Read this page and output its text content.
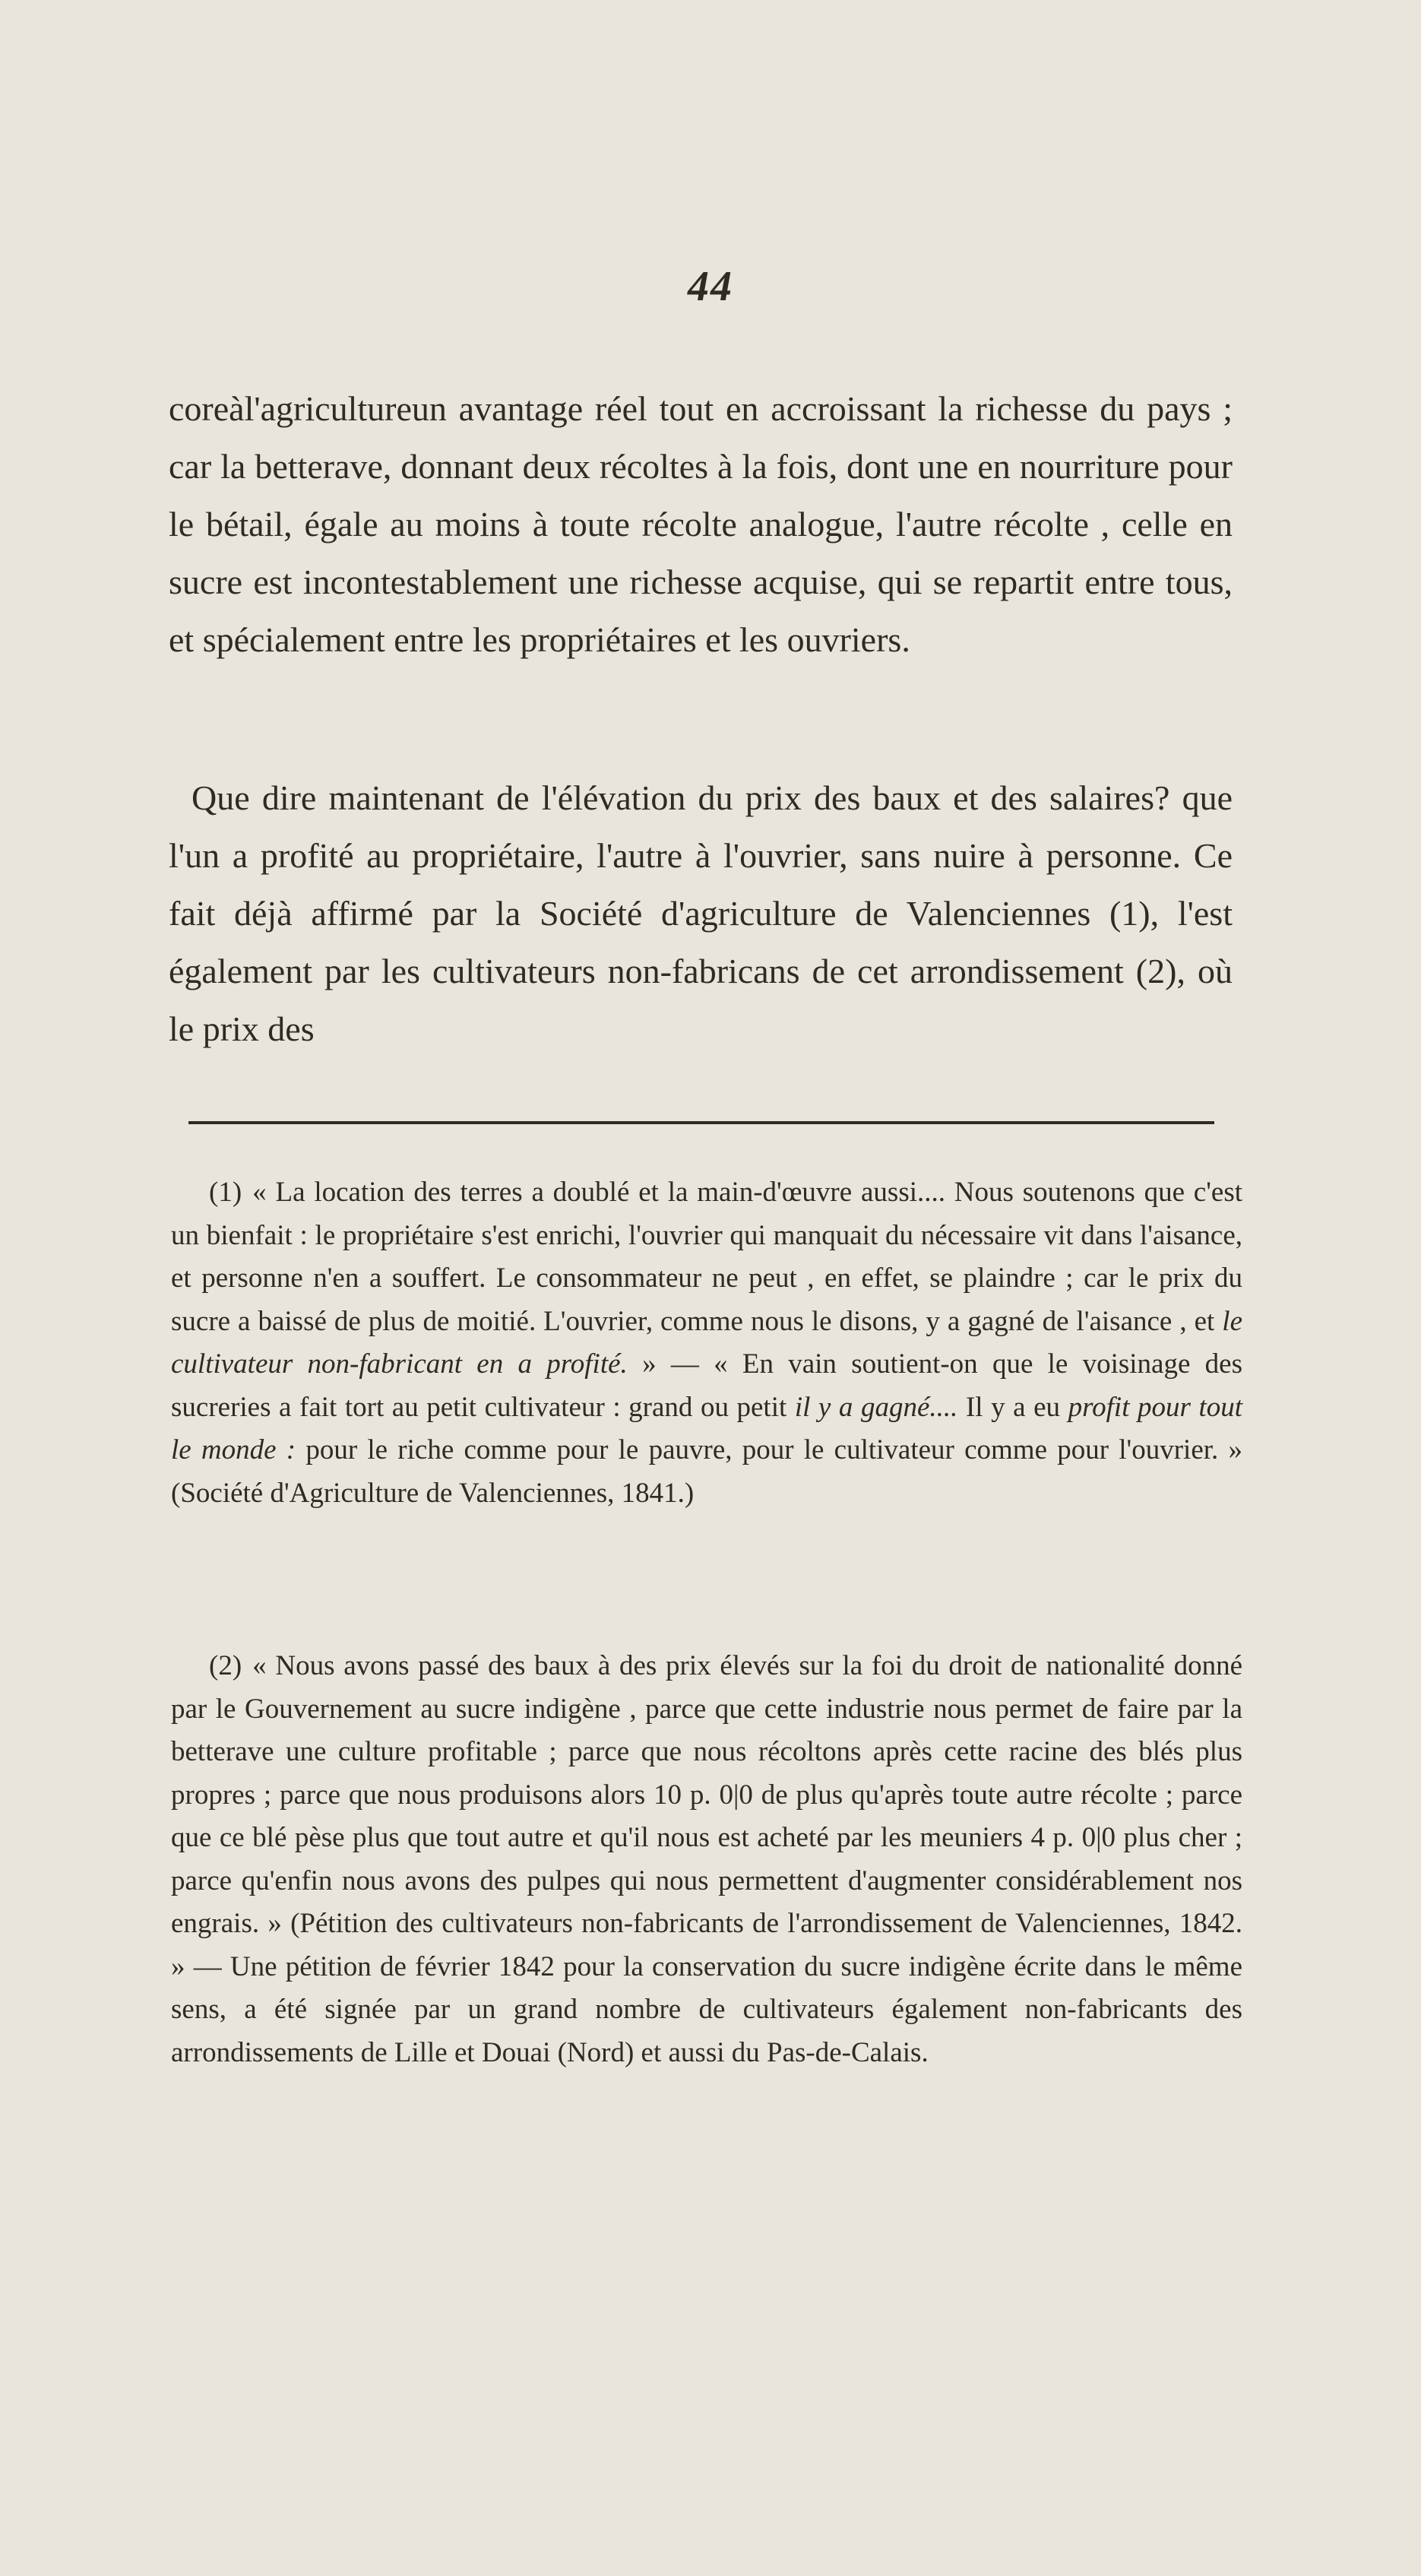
44

coreàl'agricultureun avantage réel tout en accroissant la richesse du pays ; car la betterave, donnant deux récoltes à la fois, dont une en nourriture pour le bétail, égale au moins à toute récolte analogue, l'autre récolte , celle en sucre est incontestablement une richesse acquise, qui se repartit entre tous, et spécialement entre les propriétaires et les ouvriers.

Que dire maintenant de l'élévation du prix des baux et des salaires? que l'un a profité au propriétaire, l'autre à l'ouvrier, sans nuire à personne. Ce fait déjà affirmé par la Société d'agriculture de Valenciennes (1), l'est également par les cultivateurs non-fabricans de cet arrondissement (2), où le prix des

(1) « La location des terres a doublé et la main-d'œuvre aussi.... Nous soutenons que c'est un bienfait : le propriétaire s'est enrichi, l'ouvrier qui manquait du nécessaire vit dans l'aisance, et personne n'en a souffert. Le consommateur ne peut , en effet, se plaindre ; car le prix du sucre a baissé de plus de moitié. L'ouvrier, comme nous le disons, y a gagné de l'aisance , et le cultivateur non-fabricant en a profité. » — « En vain soutient-on que le voisinage des sucreries a fait tort au petit cultivateur : grand ou petit il y a gagné.... Il y a eu profit pour tout le monde : pour le riche comme pour le pauvre, pour le cultivateur comme pour l'ouvrier. » (Société d'Agriculture de Valenciennes, 1841.)

(2) « Nous avons passé des baux à des prix élevés sur la foi du droit de nationalité donné par le Gouvernement au sucre indigène , parce que cette industrie nous permet de faire par la betterave une culture profitable ; parce que nous récoltons après cette racine des blés plus propres ; parce que nous produisons alors 10 p. 0|0 de plus qu'après toute autre récolte ; parce que ce blé pèse plus que tout autre et qu'il nous est acheté par les meuniers 4 p. 0|0 plus cher ; parce qu'enfin nous avons des pulpes qui nous permettent d'augmenter considérablement nos engrais. » (Pétition des cultivateurs non-fabricants de l'arrondissement de Valenciennes, 1842. » — Une pétition de février 1842 pour la conservation du sucre indigène écrite dans le même sens, a été signée par un grand nombre de cultivateurs également non-fabricants des arrondissements de Lille et Douai (Nord) et aussi du Pas-de-Calais.
